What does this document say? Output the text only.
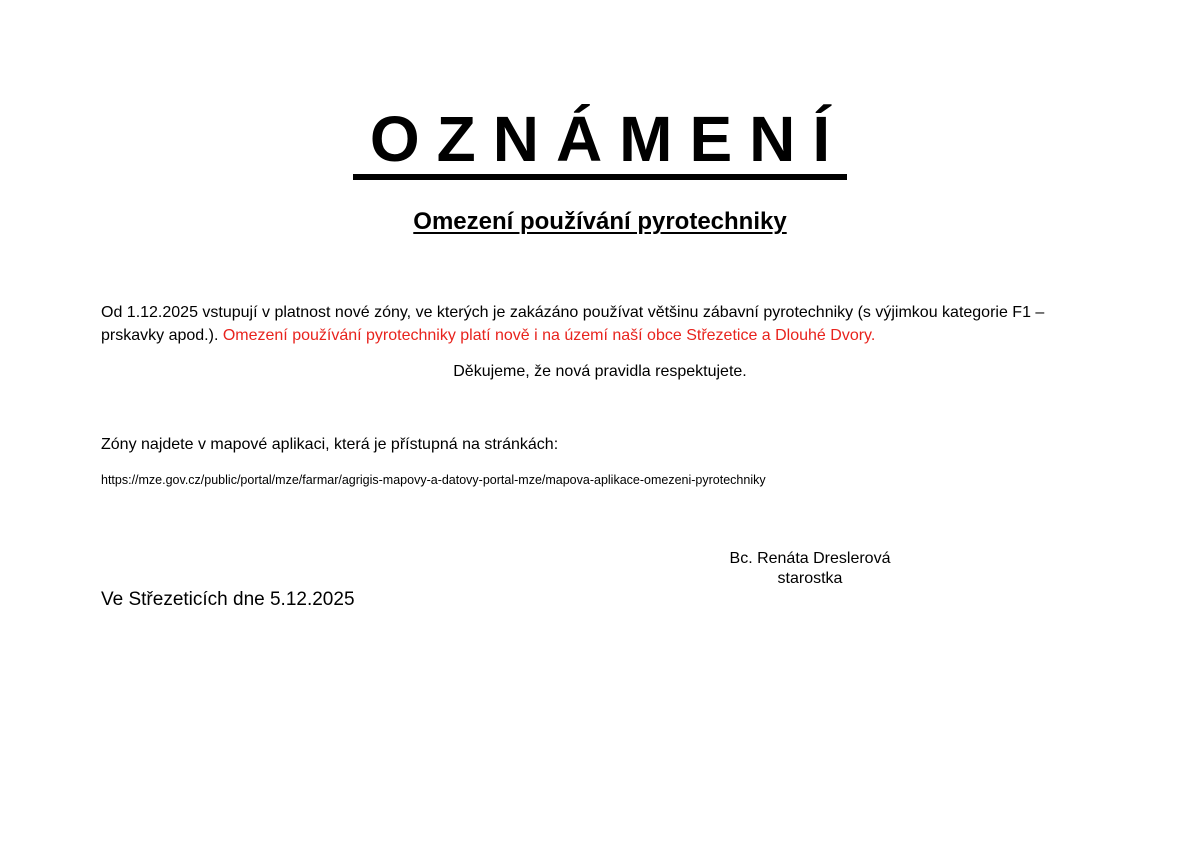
OZNÁMENÍ
Omezení používání pyrotechniky
Od 1.12.2025 vstupují v platnost nové zóny, ve kterých je zakázáno používat většinu zábavní pyrotechniky (s výjimkou kategorie F1 – prskavky apod.). Omezení používání pyrotechniky platí nově i na území naší obce Střezetice a Dlouhé Dvory.
Děkujeme, že nová pravidla respektujete.
Zóny najdete v mapové aplikaci, která je přístupná na stránkách:
https://mze.gov.cz/public/portal/mze/farmar/agrigis-mapovy-a-datovy-portal-mze/mapova-aplikace-omezeni-pyrotechniky
Bc. Renáta Dreslerová
starostka
Ve Střezeticích dne 5.12.2025
